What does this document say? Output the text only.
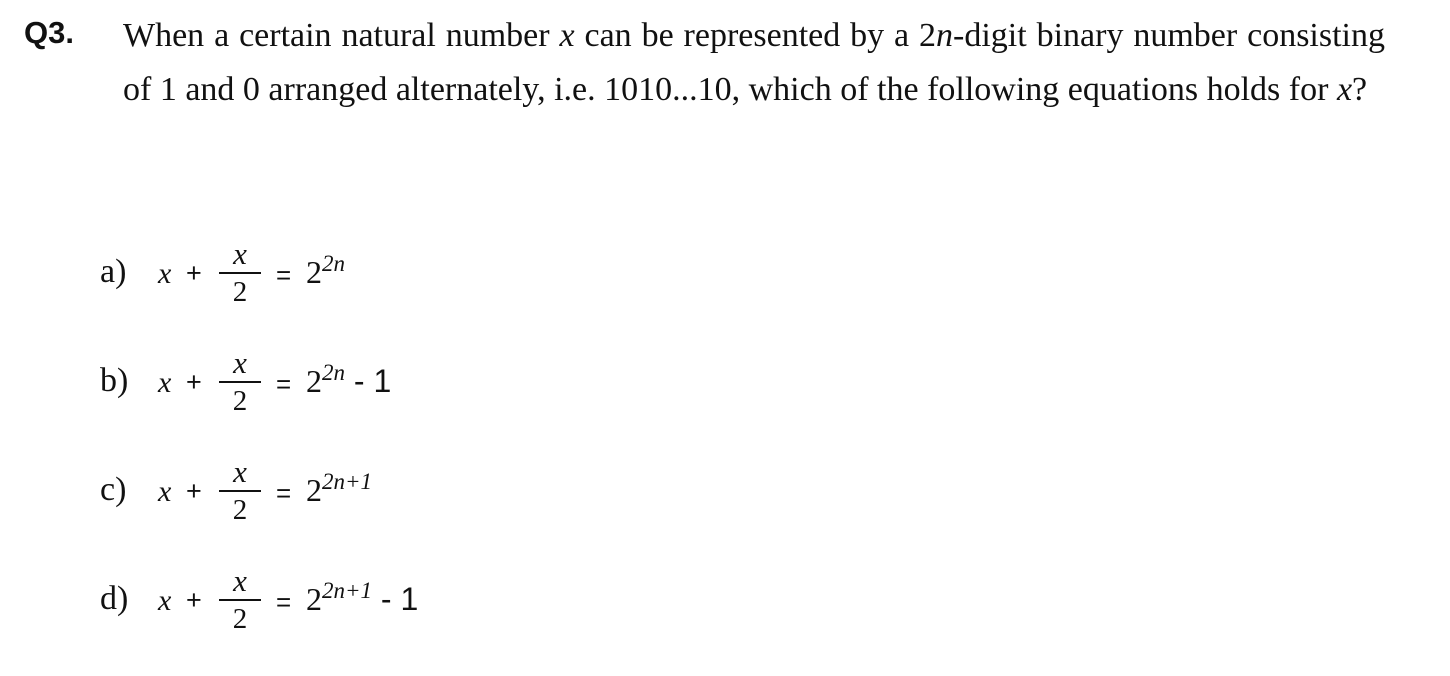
Q3. When a certain natural number x can be represented by a 2n-digit binary number consisting of 1 and 0 arranged alternately, i.e. 1010...10, which of the following equations holds for x?
a) x +
x
2
= $2^{2n}$
b) x +
x
2
= $2^{2n} - 1$
c) x +
x
2
= $2^{2n+1}$
d) x +
x
2
= $2^{2n+1} - 1$
